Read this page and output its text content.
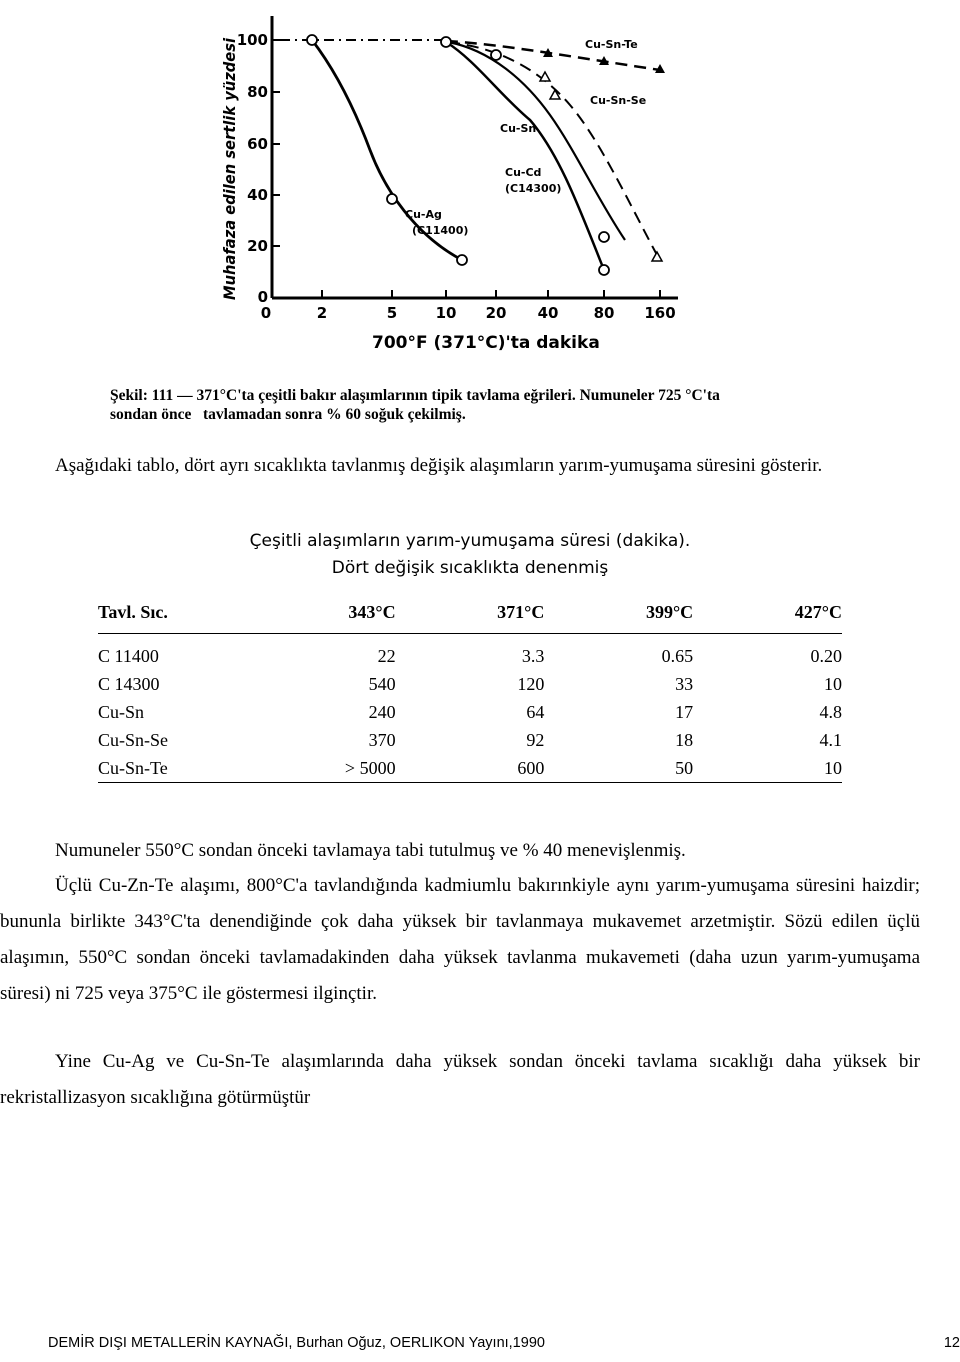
100
80
60
40
20
0
0	2	5	10 20 40 80 160
Muhafaza edilen sertlik yüzdesi
700°F (371°C)'ta dakika
Cu-Sn-Te
Cu-Sn-Se
Cu-Sn
Cu-Cd
(C14300)
Cu-Ag
(C11400)
Şekil: 111 — 371°C'ta çeşitli bakır alaşımlarının tipik tavlama eğrileri. Numuneler 725 °C'ta
sondan önce   tavlamadan sonra % 60 soğuk çekilmiş.
Aşağıdaki tablo, dört ayrı sıcaklıkta tavlanmış değişik alaşımların yarım-yumuşama süresini gösterir.
Çeşitli alaşımların yarım-yumuşama süresi (dakika).
Dört değişik sıcaklıkta denenmiş
Tavl. Sıc.	343°C	371°C	399°C	427°C
C 11400	22	3.3	0.65	0.20
C 14300	540	120	33	10
Cu-Sn	240	64	17	4.8
Cu-Sn-Se	370	92	18	4.1
Cu-Sn-Te	> 5000	600	50	10

Numuneler 550°C sondan önceki tavlamaya tabi tutulmuş ve % 40 menevişlenmiş.
Üçlü Cu-Zn-Te alaşımı, 800°C'a tavlandığında kadmiumlu bakırınkiyle aynı yarım-yumuşama süresini haizdir; bununla birlikte 343°C'ta denendiğinde çok daha yüksek bir tavlanmaya mukavemet arzetmiştir. Sözü edilen üçlü alaşımın, 550°C sondan önceki tavlamadakinden daha yüksek tavlanma mukavemeti (daha uzun yarım-yumuşama süresi) ni 725 veya 375°C ile göstermesi ilginçtir.
Yine Cu-Ag ve Cu-Sn-Te alaşımlarında daha yüksek sondan önceki tavlama sıcaklığı daha yüksek bir rekristallizasyon sıcaklığına götürmüştür
DEMİR DIŞI METALLERİN KAYNAĞI, Burhan Oğuz, OERLIKON Yayını,1990	12
